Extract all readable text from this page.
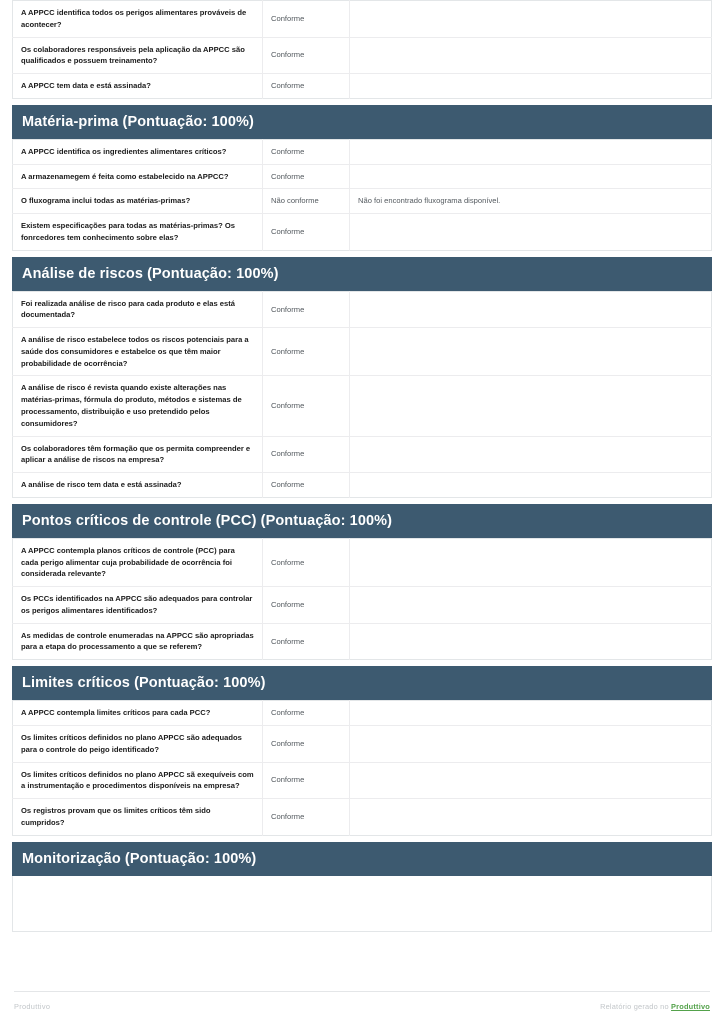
A APPCC identifica todos os perigos alimentares prováveis de acontecer?	Conforme	
Os colaboradores responsáveis pela aplicação da APPCC são qualificados e possuem treinamento?	Conforme	
A APPCC tem data e está assinada?	Conforme	
Matéria-prima (Pontuação: 100%)
A APPCC identifica os ingredientes alimentares críticos?	Conforme	
A armazenamegem é feita como estabelecido na APPCC?	Conforme	
O fluxograma inclui todas as matérias-primas?	Não conforme	Não foi encontrado fluxograma disponível.
Existem especificações para todas as matérias-primas? Os fonrcedores tem conhecimento sobre elas?	Conforme	
Análise de riscos (Pontuação: 100%)
Foi realizada análise de risco para cada produto e elas está documentada?	Conforme	
A análise de risco estabelece todos os riscos potenciais para a saúde dos consumidores e estabelce os que têm maior probabilidade de ocorrência?	Conforme	
A análise de risco é revista quando existe alterações nas matérias-primas, fórmula do produto, métodos e sistemas de processamento, distribuição e uso pretendido pelos consumidores?	Conforme	
Os colaboradores têm formação que os permita compreender e aplicar a análise de riscos na empresa?	Conforme	
A análise de risco tem data e está assinada?	Conforme	
Pontos críticos de controle (PCC) (Pontuação: 100%)
A APPCC contempla planos críticos de controle (PCC) para cada perigo alimentar cuja probabilidade de ocorrência foi considerada relevante?	Conforme	
Os PCCs identificados na APPCC são adequados para controlar os perigos alimentares identificados?	Conforme	
As medidas de controle enumeradas na APPCC são apropriadas para a etapa do processamento a que se referem?	Conforme	
Limites críticos (Pontuação: 100%)
A APPCC contempla limites críticos para cada PCC?	Conforme	
Os limites críticos definidos no plano APPCC são adequados para o controle do peigo identificado?	Conforme	
Os limites críticos definidos no plano APPCC sã exequíveis com a instrumentação e procedimentos disponíveis na empresa?	Conforme	
Os registros provam que os limites críticos têm sido cumpridos?	Conforme	
Monitorização (Pontuação: 100%)
Produttivo	Relatório gerado no Produttivo
